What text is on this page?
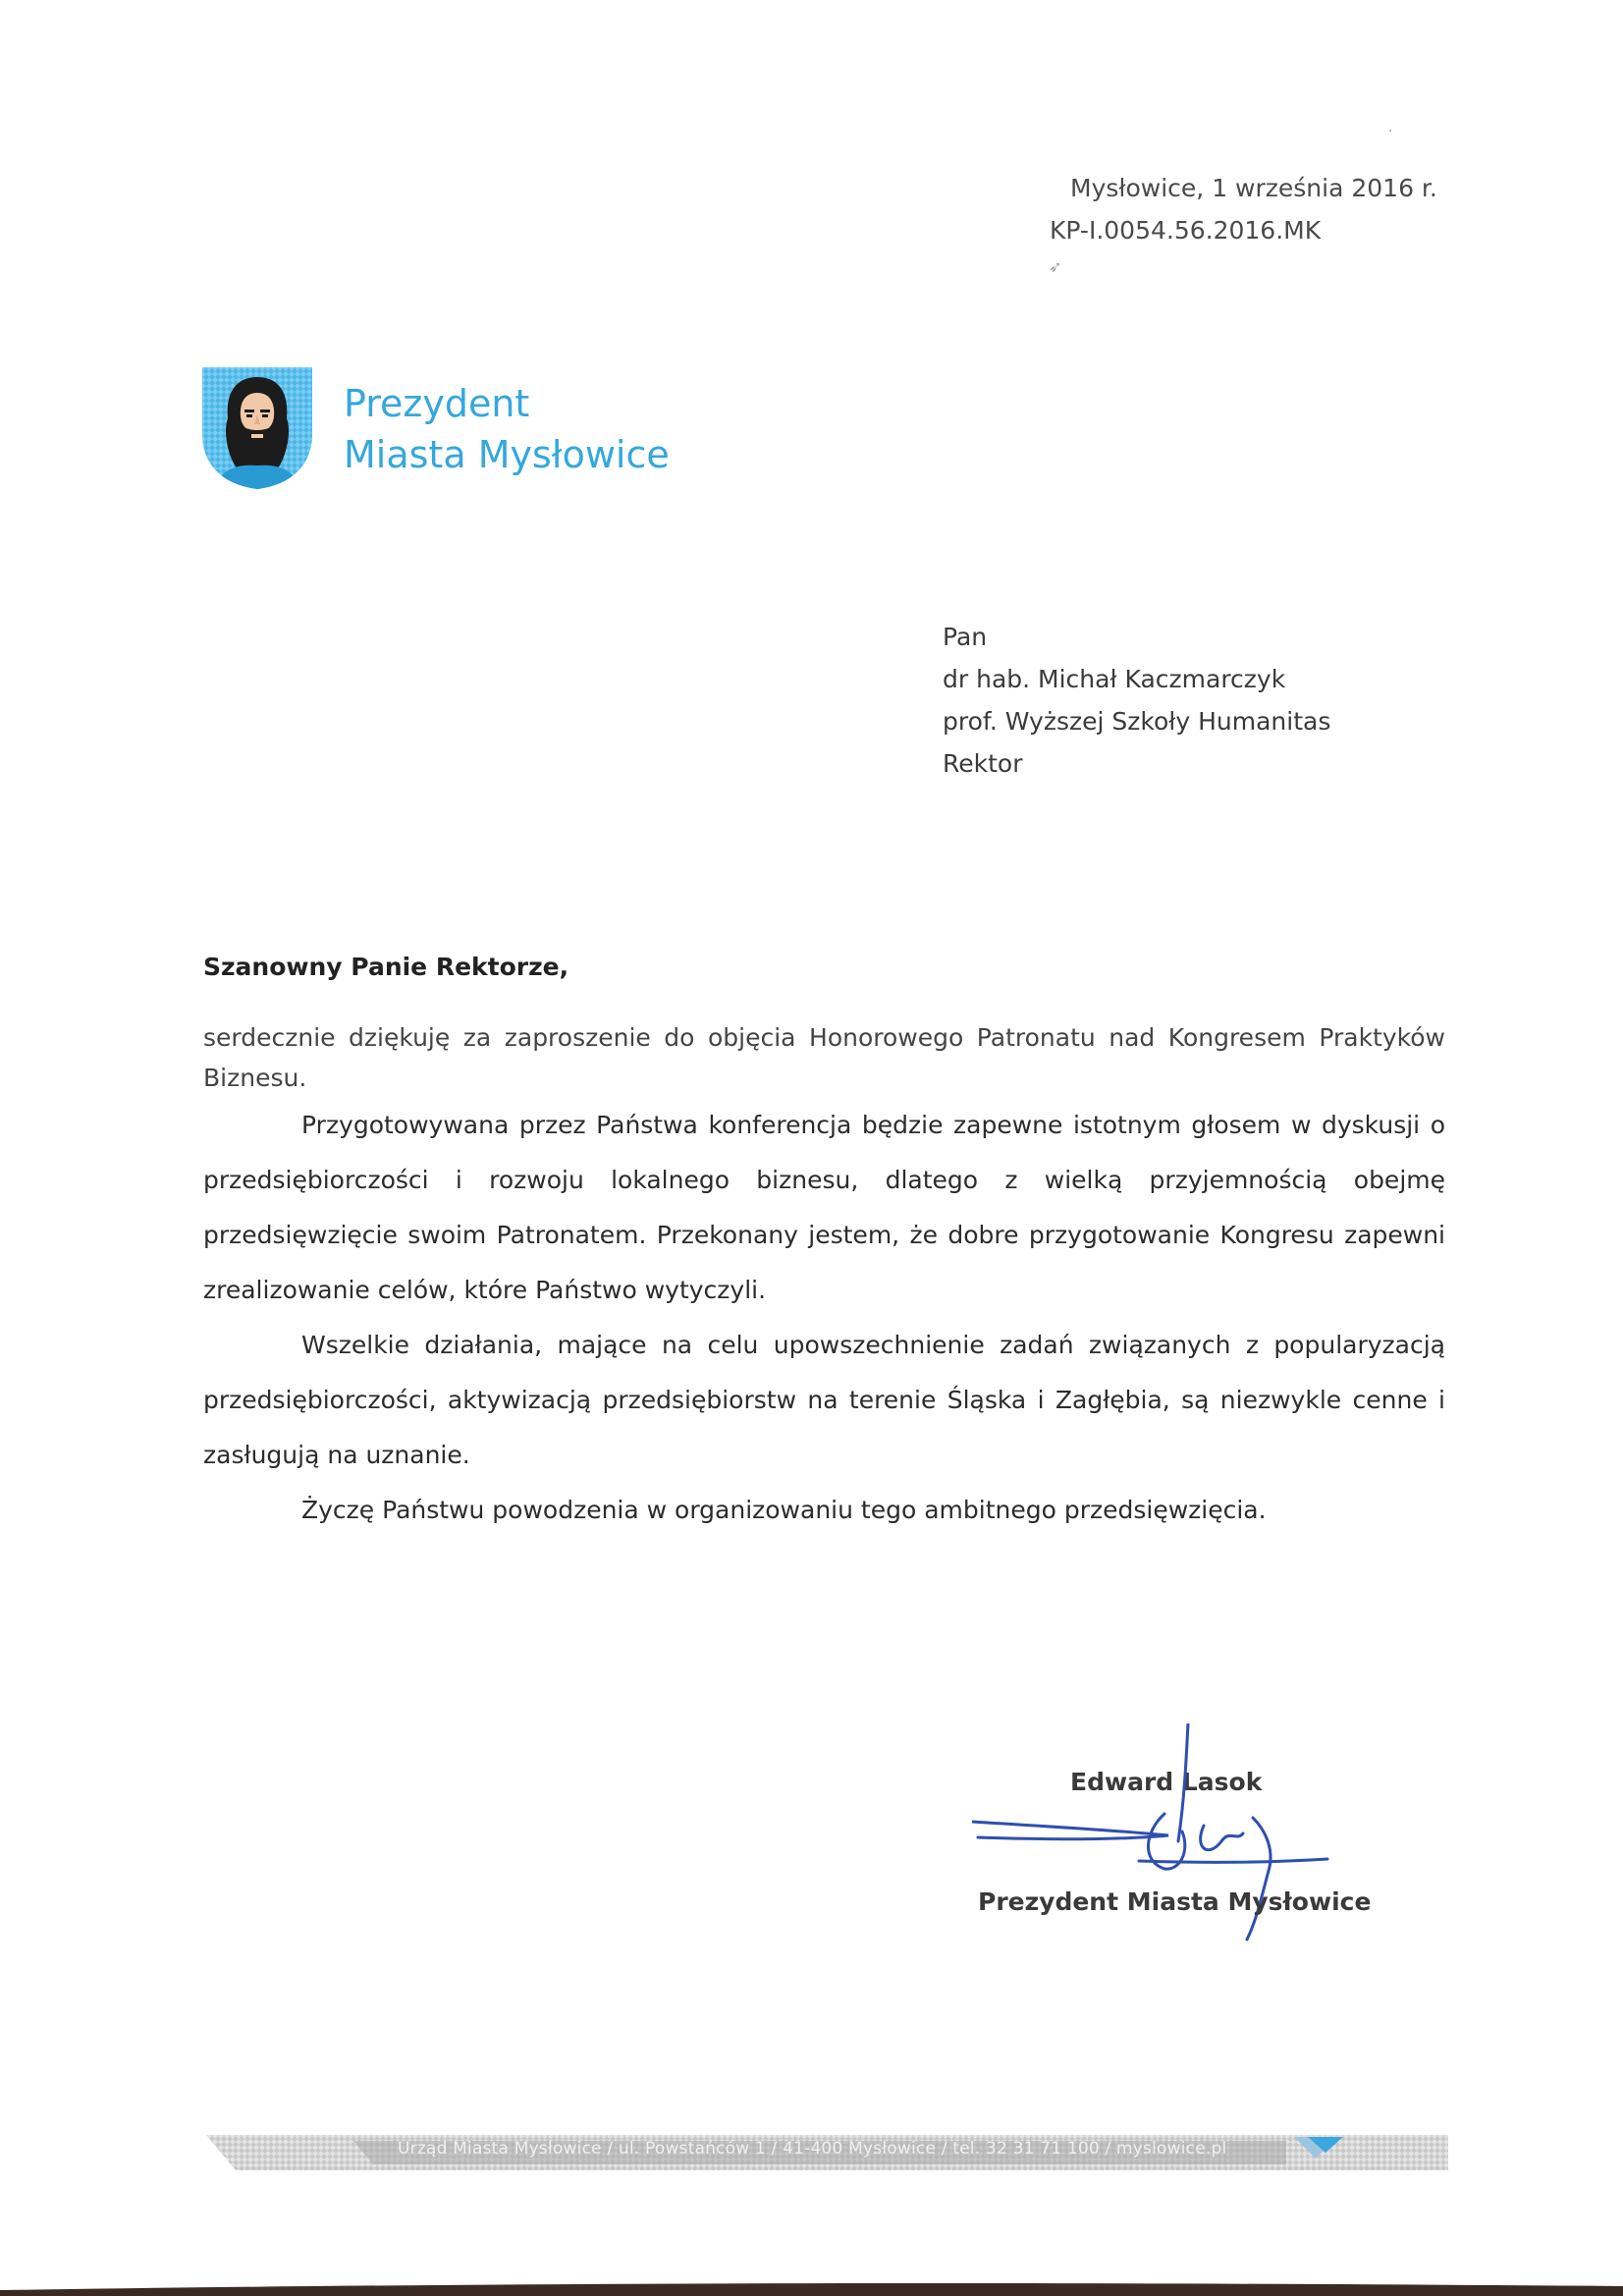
·
➶
Mysłowice, 1 września 2016 r.
KP-I.0054.56.2016.MK
Prezydent
Miasta Mysłowice
Pan
dr hab. Michał Kaczmarczyk
prof. Wyższej Szkoły Humanitas
Rektor
Szanowny Panie Rektorze,

serdecznie dziękuję za zaproszenie do objęcia Honorowego Patronatu nad Kongresem Praktyków Biznesu.

Przygotowywana przez Państwa konferencja będzie zapewne istotnym głosem w dyskusji o przedsiębiorczości i rozwoju lokalnego biznesu, dlatego z wielką przyjemnością obejmę przedsięwzięcie swoim Patronatem. Przekonany jestem, że dobre przygotowanie Kongresu zapewni zrealizowanie celów, które Państwo wytyczyli.

Wszelkie działania, mające na celu upowszechnienie zadań związanych z popularyzacją przedsiębiorczości, aktywizacją przedsiębiorstw na terenie Śląska i Zagłębia, są niezwykle cenne i zasługują na uznanie.

Życzę Państwu powodzenia w organizowaniu tego ambitnego przedsięwzięcia.

Edward Lasok
Prezydent Miasta Mysłowice
Urząd Miasta Mysłowice / ul. Powstańców 1 / 41-400 Mysłowice / tel. 32 31 71 100 / myslowice.pl
